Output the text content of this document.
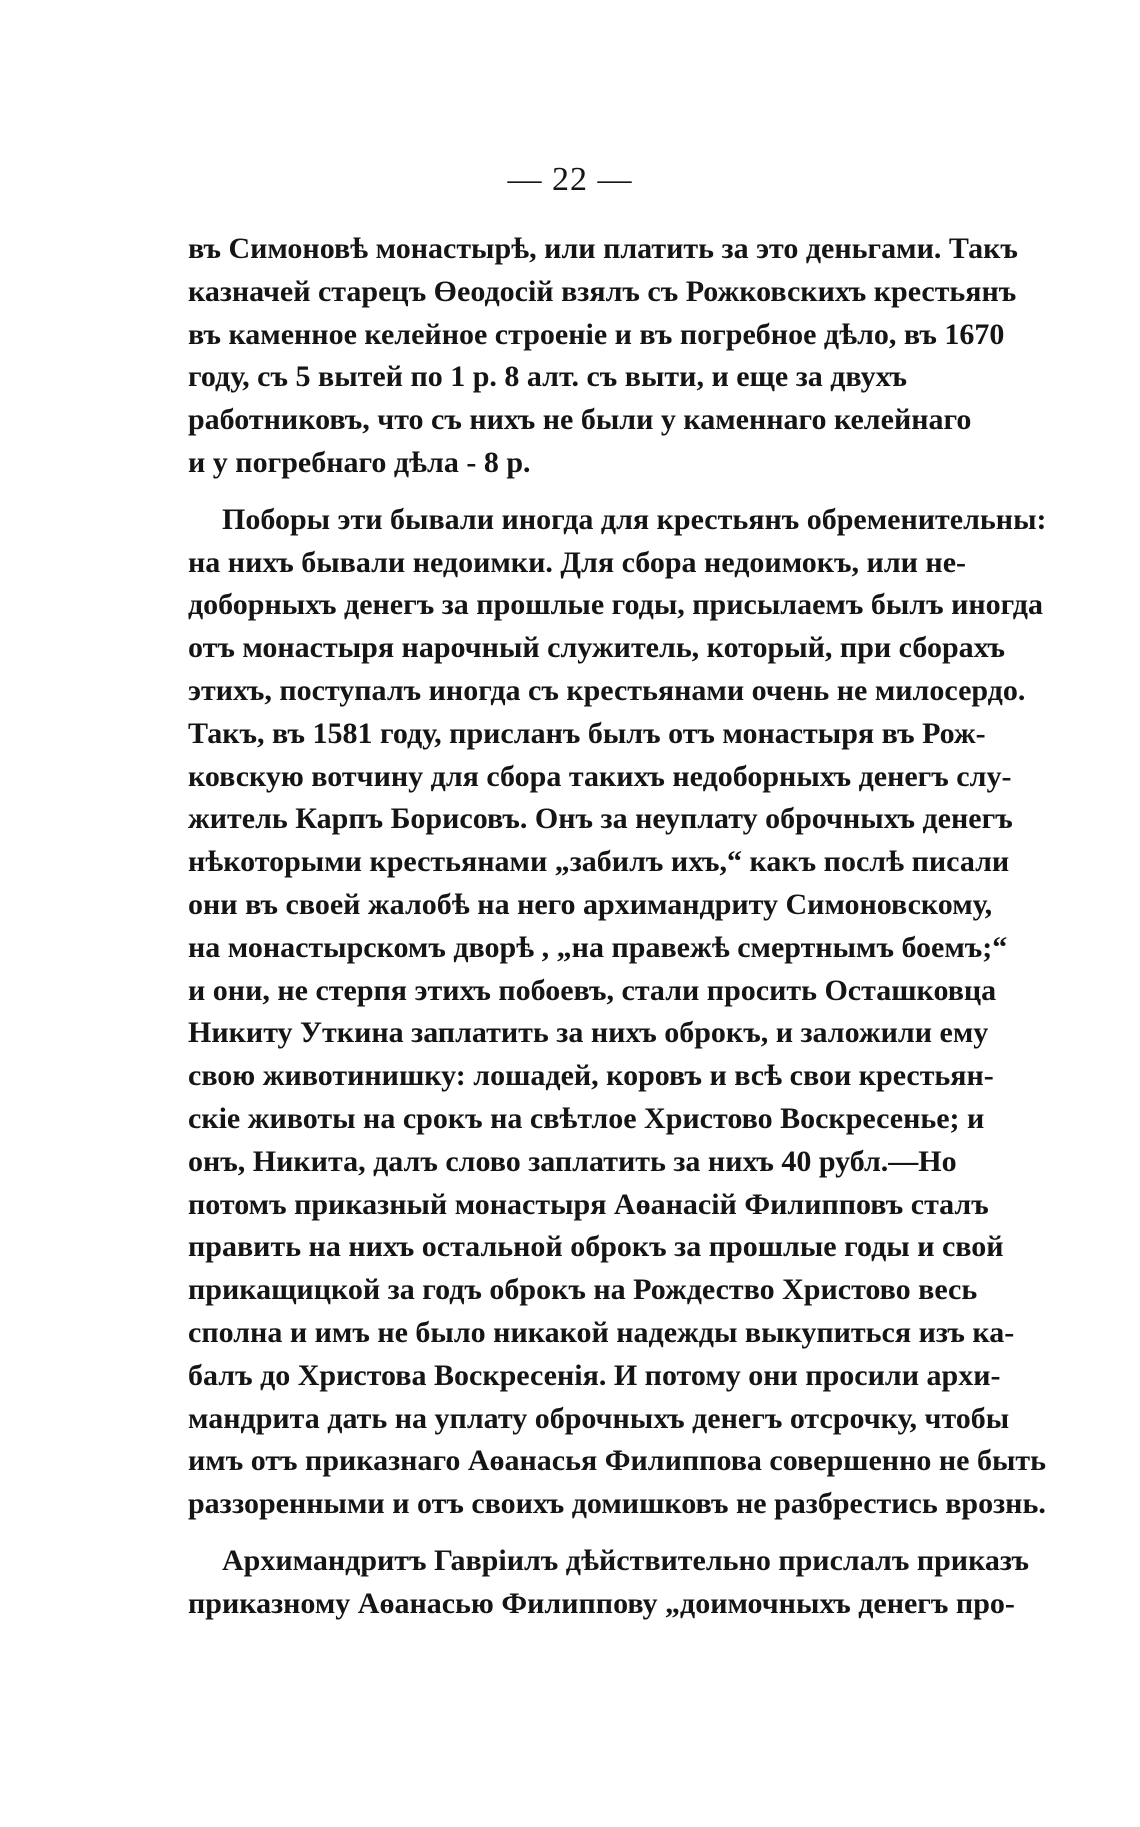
— 22 —
въ Симоновѣ монастырѣ, или платить за это деньгами. Такъ
казначей старецъ Өеодосій взялъ съ Рожковскихъ крестьянъ
въ каменное келейное строеніе и въ погребное дѣло, въ 1670
году, съ 5 вытей по 1 р. 8 алт. съ выти, и еще за двухъ
работниковъ, что съ нихъ не были у каменнаго келейнаго
и у погребнаго дѣла - 8 р.
Поборы эти бывали иногда для крестьянъ обременительны:
на нихъ бывали недоимки. Для сбора недоимокъ, или не-
доборныхъ денегъ за прошлые годы, присылаемъ былъ иногда
отъ монастыря нарочный служитель, который, при сборахъ
этихъ, поступалъ иногда съ крестьянами очень не милосердо.
Такъ, въ 1581 году, присланъ былъ отъ монастыря въ Рож-
ковскую вотчину для сбора такихъ недоборныхъ денегъ слу-
житель Карпъ Борисовъ. Онъ за неуплату оброчныхъ денегъ
нѣкоторыми крестьянами „забилъ ихъ,“ какъ послѣ писали
они въ своей жалобѣ на него архимандриту Симоновскому,
на монастырскомъ дворѣ , „на правежѣ смертнымъ боемъ;“
и они, не стерпя этихъ побоевъ, стали просить Осташковца
Никиту Уткина заплатить за нихъ оброкъ, и заложили ему
свою животинишку: лошадей, коровъ и всѣ свои крестьян-
скіе животы на срокъ на свѣтлое Христово Воскресенье; и
онъ, Никита, далъ слово заплатить за нихъ 40 рубл.—Но
потомъ приказный монастыря Аөанасій Филипповъ сталъ
править на нихъ остальной оброкъ за прошлые годы и свой
прикащицкой за годъ оброкъ на Рождество Христово весь
сполна и имъ не было никакой надежды выкупиться изъ ка-
балъ до Христова Воскресенія. И потому они просили архи-
мандрита дать на уплату оброчныхъ денегъ отсрочку, чтобы
имъ отъ приказнаго Аөанасья Филиппова совершенно не быть
раззоренными и отъ своихъ домишковъ не разбрестись врознь.
Архимандритъ Гавріилъ дѣйствительно прислалъ приказъ
приказному Аөанасью Филиппову „доимочныхъ денегъ про-
